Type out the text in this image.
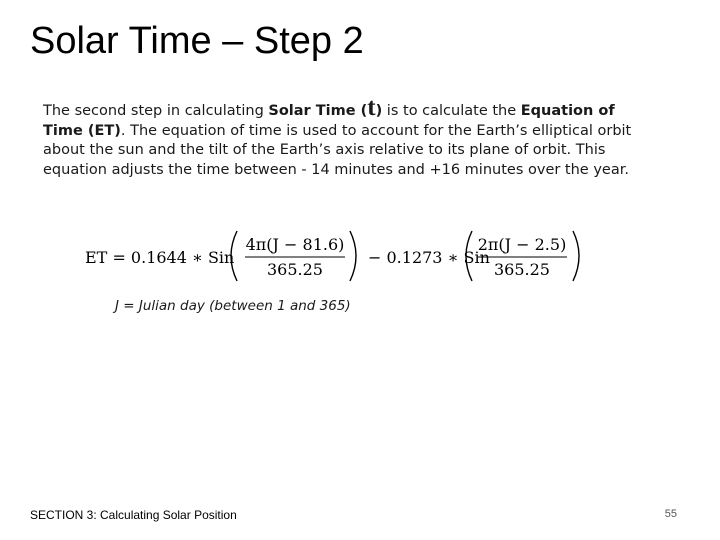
Solar Time – Step 2
The second step in calculating Solar Time (t) is to calculate the Equation of Time (ET). The equation of time is used to account for the Earth’s elliptical orbit about the sun and the tilt of the Earth’s axis relative to its plane of orbit. This equation adjusts the time between - 14 minutes and +16 minutes over the year.
ET = 0.1644 ∗ Sin
4π(J − 81.6)
365.25
− 0.1273 ∗ Sin
2π(J − 2.5)
365.25
J = Julian day (between 1 and 365)
SECTION 3: Calculating Solar Position	55
